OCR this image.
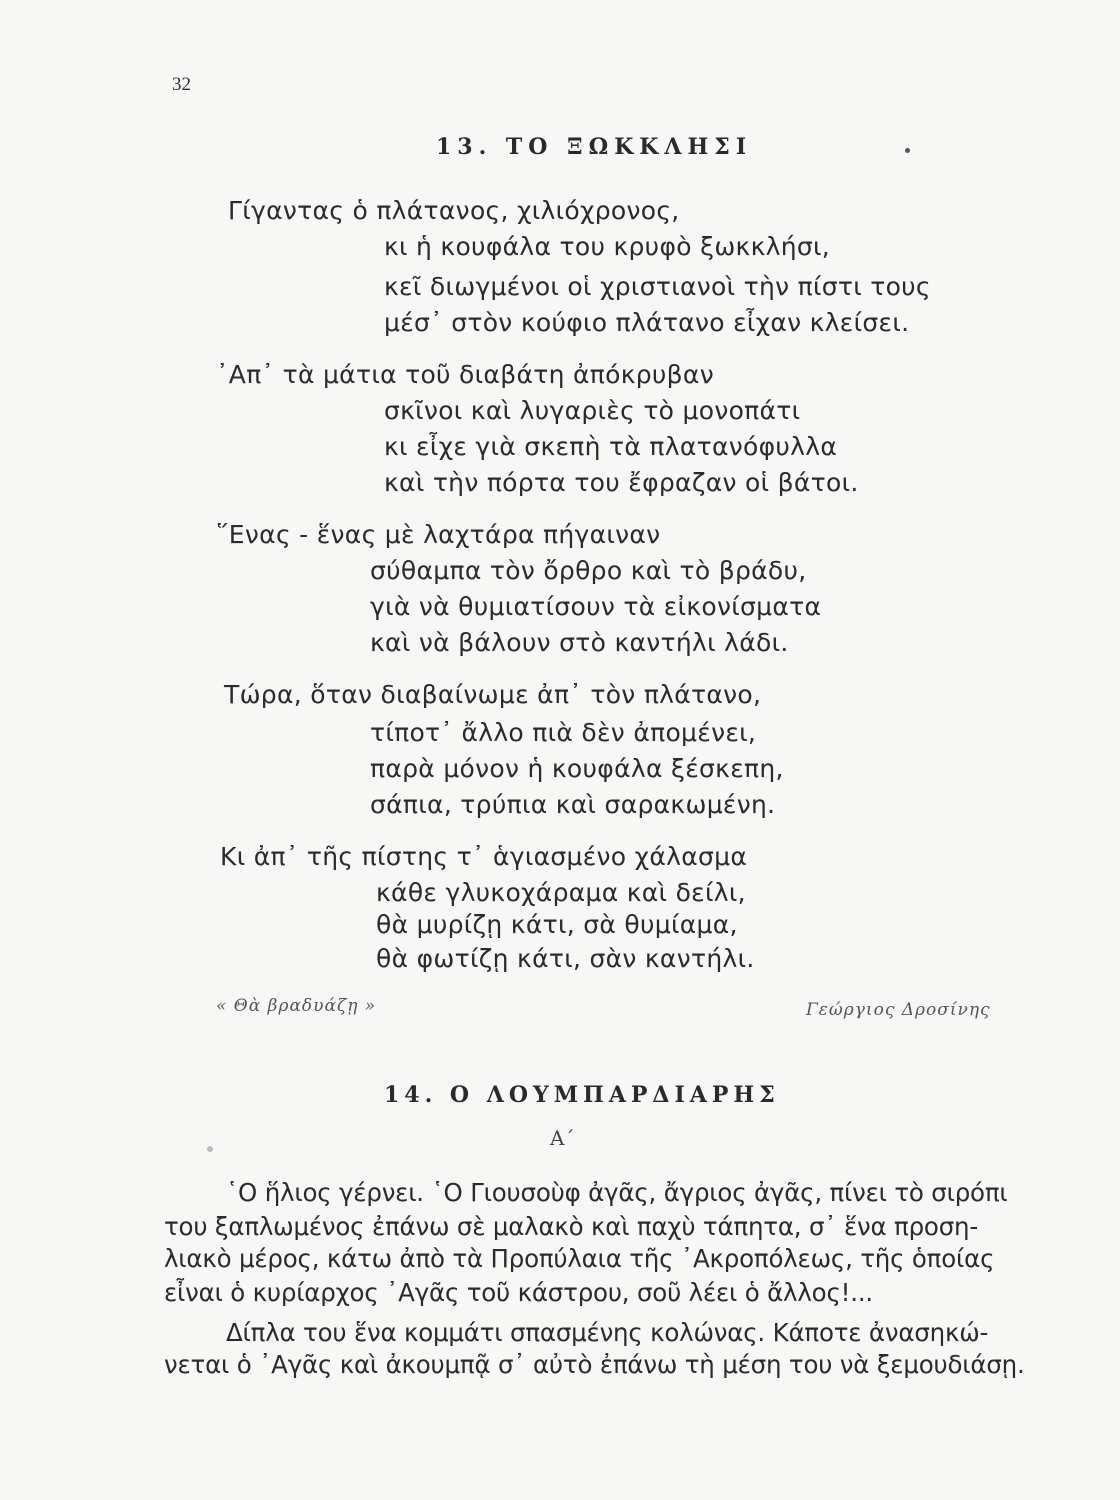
32
13. ΤΟ ΞΩΚΚΛΗΣΙ
Γίγαντας ὁ πλάτανος, χιλιόχρονος,
κι ἡ κουφάλα του κρυφὸ ξωκκλήσι,
κεῖ διωγμένοι οἱ χριστιανοὶ τὴν πίστι τους
μέσ᾽ στὸν κούφιο πλάτανο εἶχαν κλείσει.
᾽Απ᾽ τὰ μάτια τοῦ διαβάτη ἀπόκρυβαν
σκῖνοι καὶ λυγαριὲς τὸ μονοπάτι
κι εἶχε γιὰ σκεπὴ τὰ πλατανόφυλλα
καὶ τὴν πόρτα του ἔφραζαν οἱ βάτοι.
῞Ενας - ἕνας μὲ λαχτάρα πήγαιναν
σύθαμπα τὸν ὄρθρο καὶ τὸ βράδυ,
γιὰ νὰ θυμιατίσουν τὰ εἰκονίσματα
καὶ νὰ βάλουν στὸ καντήλι λάδι.
Τώρα, ὅταν διαβαίνωμε ἀπ᾽ τὸν πλάτανο,
τίποτ᾽ ἄλλο πιὰ δὲν ἀπομένει,
παρὰ μόνον ἡ κουφάλα ξέσκεπη,
σάπια, τρύπια καὶ σαρακωμένη.
Κι ἀπ᾽ τῆς πίστης τ᾽ ἁγιασμένο χάλασμα
κάθε γλυκοχάραμα καὶ δείλι,
θὰ μυρίζῃ κάτι, σὰ θυμίαμα,
θὰ φωτίζῃ κάτι, σὰν καντήλι.
« Θὰ βραδυάζῃ »	Γεώργιος Δροσίνης
14. Ο ΛΟΥΜΠΑΡΔΙΑΡΗΣ
Α΄
῾Ο ἥλιος γέρνει. ῾Ο Γιουσοὺφ ἀγᾶς, ἄγριος ἀγᾶς, πίνει τὸ σιρόπι
του ξαπλωμένος ἐπάνω σὲ μαλακὸ καὶ παχὺ τάπητα, σ᾽ ἕνα προση-
λιακὸ μέρος, κάτω ἀπὸ τὰ Προπύλαια τῆς ᾽Ακροπόλεως, τῆς ὁποίας
εἶναι ὁ κυρίαρχος ᾽Αγᾶς τοῦ κάστρου, σοῦ λέει ὁ ἄλλος!...
Δίπλα του ἕνα κομμάτι σπασμένης κολώνας. Κάποτε ἀνασηκώ-
νεται ὁ ᾽Αγᾶς καὶ ἀκουμπᾷ σ᾽ αὐτὸ ἐπάνω τὴ μέση του νὰ ξεμουδιάσῃ.
